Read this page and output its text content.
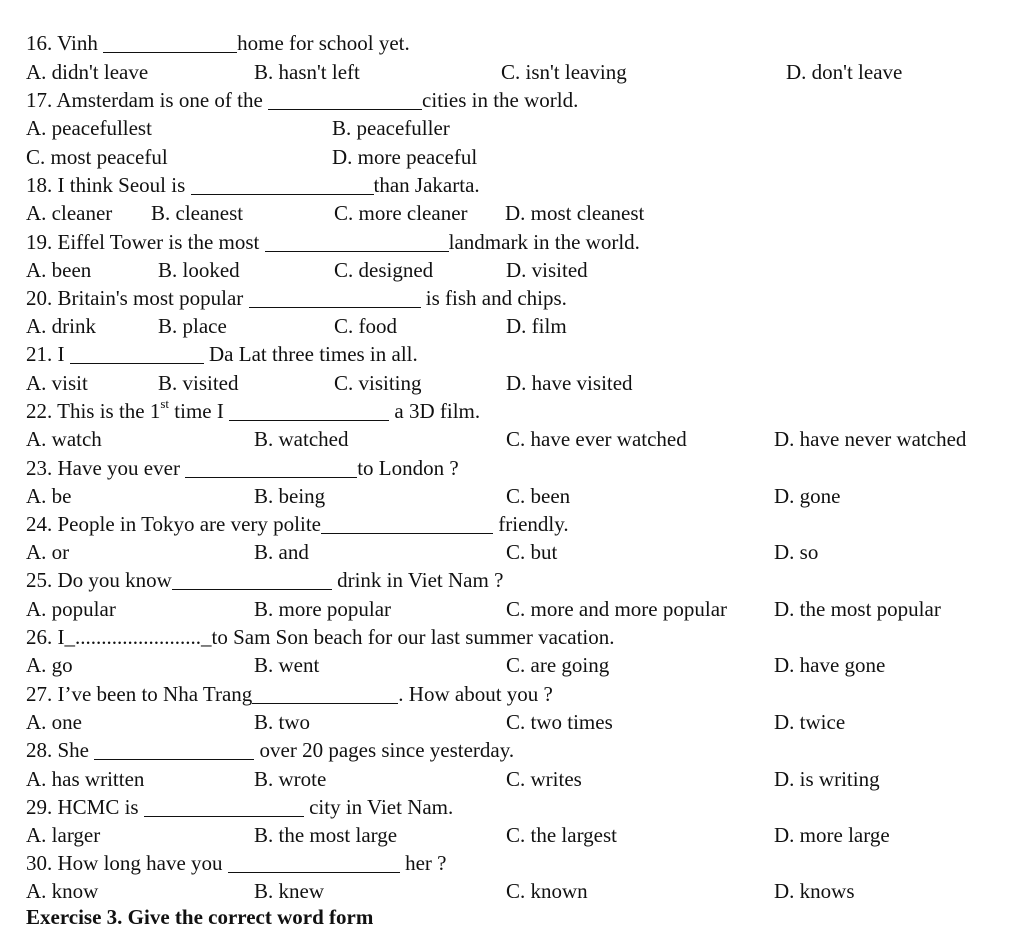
16. Vinh	home for school yet.
A. didn't leave	B. hasn't left	C. isn't leaving	D. don't leave
17. Amsterdam is one of the	cities in the world.
A. peacefullest	B. peacefuller
C. most peaceful	D. more peaceful
18. I think Seoul is	than Jakarta.
A. cleaner B. cleanest	C. more cleaner D. most cleanest
19. Eiffel Tower is the most	landmark in the world.
A. been	B. looked	C. designed	D. visited
20. Britain's most popular	is fish and chips.
A. drink	B. place	C. food	D. film
21. I	Da Lat three times in all.
A. visit	B. visited	C. visiting	D. have visited
22. This is the 1st time I	a 3D film.
A. watch	B. watched	C. have ever watched	D. have never watched
23. Have you ever	to London ?
A. be	B. being	C. been	D. gone
24. People in Tokyo are very polite	friendly.
A. or	B. and	C. but	D. so
25. Do you know	drink in Viet Nam ?
A. popular	B. more popular	C. more and more popular D. the most popular
26. I_........................_to Sam Son beach for our last summer vacation.
A. go	B. went	C. are going	D. have gone
27. I’ve been to Nha Trang	. How about you ?
A. one	B. two	C. two times	D. twice
28. She	over 20 pages since yesterday.
A. has written	B. wrote	C. writes	D. is writing
29. HCMC is	city in Viet Nam.
A. larger	B. the most large	C. the largest	D. more large
30. How long have you	her ?
A. know	B. knew	C. known	D. knows
Exercise 3. Give the correct word form
